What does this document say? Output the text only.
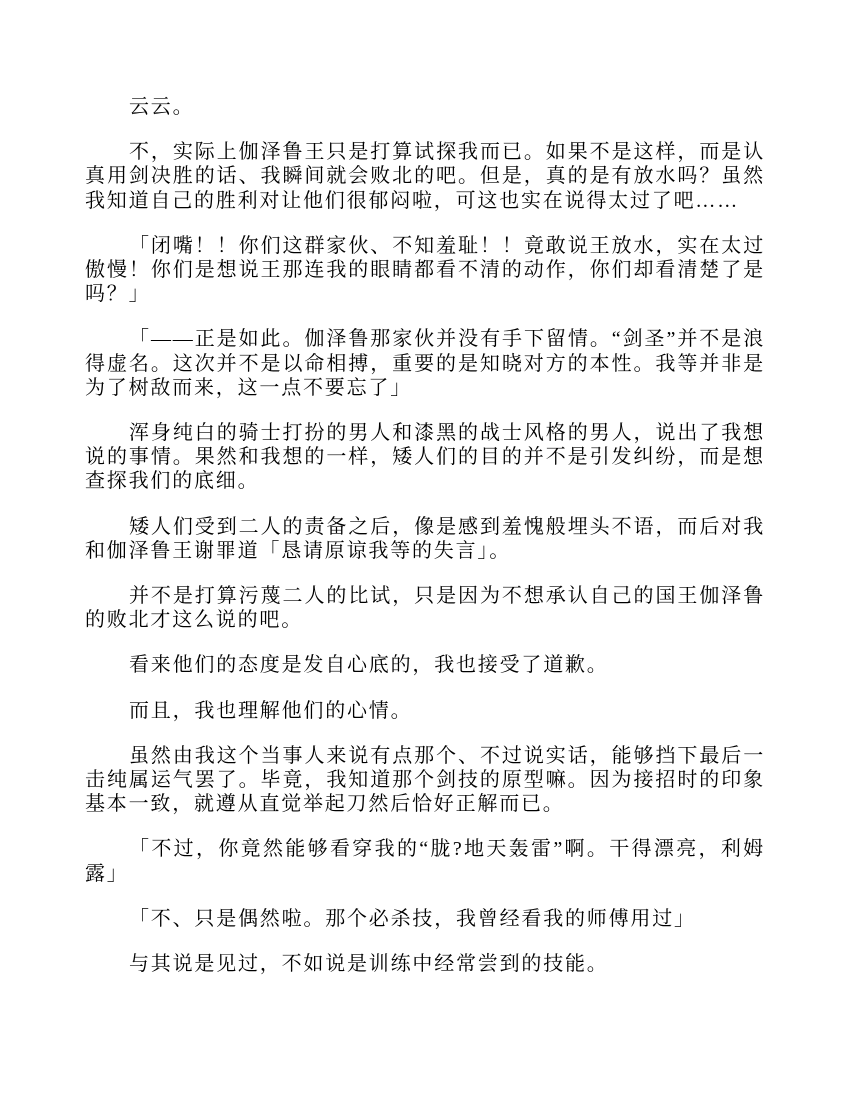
云云。

不，实际上伽泽鲁王只是打算试探我而已。如果不是这样，而是认真用剑决胜的话、我瞬间就会败北的吧。但是，真的是有放水吗？虽然我知道自己的胜利对让他们很郁闷啦，可这也实在说得太过了吧……

「闭嘴！！你们这群家伙、不知羞耻！！竟敢说王放水，实在太过傲慢！你们是想说王那连我的眼睛都看不清的动作，你们却看清楚了是吗？」

「——正是如此。伽泽鲁那家伙并没有手下留情。“剑圣”并不是浪得虚名。这次并不是以命相搏，重要的是知晓对方的本性。我等并非是为了树敌而来，这一点不要忘了」

浑身纯白的骑士打扮的男人和漆黑的战士风格的男人，说出了我想说的事情。果然和我想的一样，矮人们的目的并不是引发纠纷，而是想查探我们的底细。

矮人们受到二人的责备之后，像是感到羞愧般埋头不语，而后对我和伽泽鲁王谢罪道「恳请原谅我等的失言」。

并不是打算污蔑二人的比试，只是因为不想承认自己的国王伽泽鲁的败北才这么说的吧。

看来他们的态度是发自心底的，我也接受了道歉。

而且，我也理解他们的心情。

虽然由我这个当事人来说有点那个、不过说实话，能够挡下最后一击纯属运气罢了。毕竟，我知道那个剑技的原型嘛。因为接招时的印象基本一致，就遵从直觉举起刀然后恰好正解而已。

「不过，你竟然能够看穿我的“胧?地天轰雷”啊。干得漂亮，利姆露」

「不、只是偶然啦。那个必杀技，我曾经看我的师傅用过」

与其说是见过，不如说是训练中经常尝到的技能。
